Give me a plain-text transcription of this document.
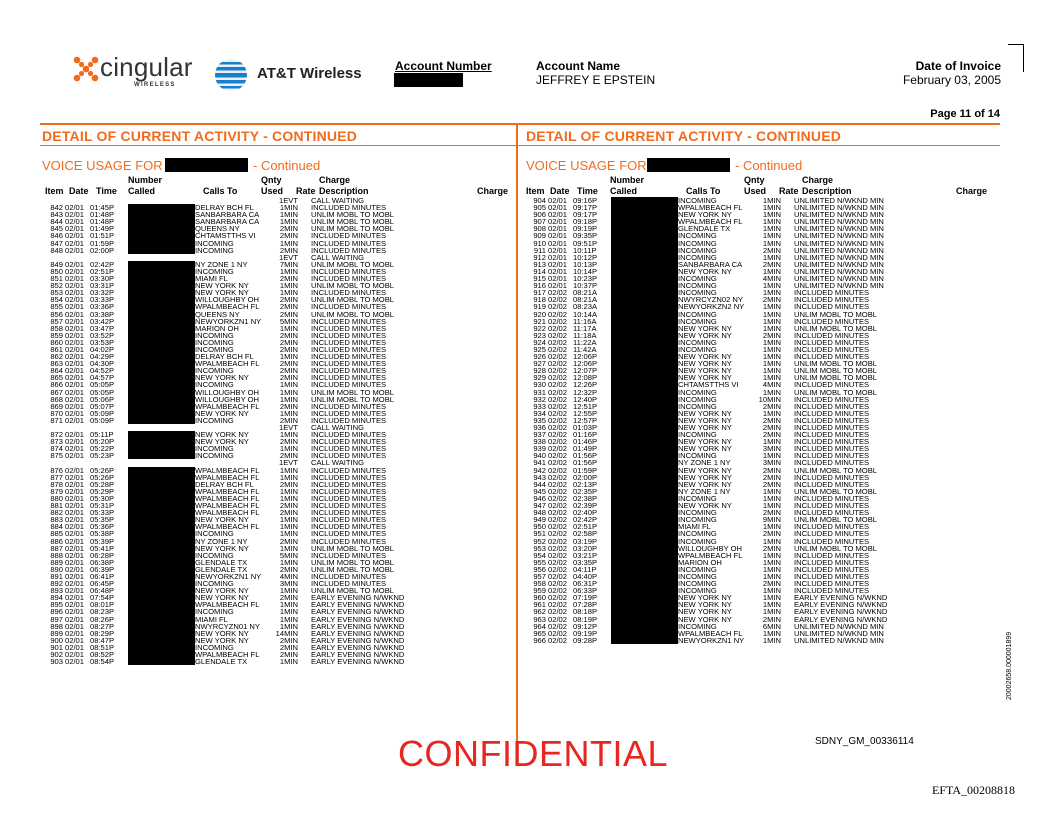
cingular
WIRELESS
AT&T Wireless	Account Number	Account Name
JEFFREY E EPSTEIN
Date of Invoice
February 03, 2005
Page 11 of 14
DETAIL OF CURRENT ACTIVITY - CONTINUED	DETAIL OF CURRENT ACTIVITY - CONTINUED
VOICE USAGE FOR	- Continued	VOICE USAGE FOR	- Continued
Number	Qnty	Charge
Item Date Time Called	Calls To	Used Rate Description	Charge
Number	Qnty	Charge
Item Date Time Called	Calls To	Used Rate Description	Charge
1EVT CALL WAITING
842 02/01 01:45P	DELRAY BCH FL	1MIN INCLUDED MINUTES
843 02/01 01:48P	SANBARBARA CA	1MIN UNLIM MOBL TO MOBL
844 02/01 01:48P	SANBARBARA CA	1MIN UNLIM MOBL TO MOBL
845 02/01 01:49P	QUEENS NY	2MIN UNLIM MOBL TO MOBL
846 02/01 01:51P	CHTAMSTTHS VI	2MIN INCLUDED MINUTES
847 02/01 01:59P	INCOMING	1MIN INCLUDED MINUTES
848 02/01 02:00P	INCOMING	2MIN INCLUDED MINUTES
1EVT CALL WAITING
849 02/01 02:42P	NY ZONE 1 NY	7MIN UNLIM MOBL TO MOBL
850 02/01 02:51P	INCOMING	1MIN INCLUDED MINUTES
851 02/01 03:30P	MIAMI FL	2MIN INCLUDED MINUTES
852 02/01 03:31P	NEW YORK NY	1MIN UNLIM MOBL TO MOBL
853 02/01 03:32P	NEW YORK NY	1MIN INCLUDED MINUTES
854 02/01 03:33P	WILLOUGHBY OH	2MIN UNLIM MOBL TO MOBL
855 02/01 03:36P	WPALMBEACH FL	2MIN INCLUDED MINUTES
856 02/01 03:38P	QUEENS NY	2MIN UNLIM MOBL TO MOBL
857 02/01 03:42P	NEWYORKZN1 NY	5MIN INCLUDED MINUTES
858 02/01 03:47P	MARION OH	1MIN INCLUDED MINUTES
859 02/01 03:52P	INCOMING	2MIN INCLUDED MINUTES
860 02/01 03:53P	INCOMING	2MIN INCLUDED MINUTES
861 02/01 04:02P	INCOMING	2MIN INCLUDED MINUTES
862 02/01 04:29P	DELRAY BCH FL	1MIN INCLUDED MINUTES
863 02/01 04:30P	WPALMBEACH FL	2MIN INCLUDED MINUTES
864 02/01 04:52P	INCOMING	2MIN INCLUDED MINUTES
865 02/01 04:57P	NEW YORK NY	2MIN INCLUDED MINUTES
866 02/01 05:05P	INCOMING	1MIN INCLUDED MINUTES
867 02/01 05:05P	WILLOUGHBY OH	1MIN UNLIM MOBL TO MOBL
868 02/01 05:06P	WILLOUGHBY OH	1MIN UNLIM MOBL TO MOBL
869 02/01 05:07P	WPALMBEACH FL	2MIN INCLUDED MINUTES
870 02/01 05:09P	NEW YORK NY	1MIN INCLUDED MINUTES
871 02/01 05:09P	INCOMING	2MIN INCLUDED MINUTES
1EVT CALL WAITING
872 02/01 05:11P	NEW YORK NY	1MIN INCLUDED MINUTES
873 02/01 05:20P	NEW YORK NY	2MIN INCLUDED MINUTES
874 02/01 05:22P	INCOMING	1MIN INCLUDED MINUTES
875 02/01 05:23P	INCOMING	2MIN INCLUDED MINUTES
1EVT CALL WAITING
876 02/01 05:26P	WPALMBEACH FL	1MIN INCLUDED MINUTES
877 02/01 05:26P	WPALMBEACH FL	1MIN INCLUDED MINUTES
878 02/01 05:28P	DELRAY BCH FL	2MIN INCLUDED MINUTES
879 02/01 05:29P	WPALMBEACH FL	1MIN INCLUDED MINUTES
880 02/01 05:30P	WPALMBEACH FL	1MIN INCLUDED MINUTES
881 02/01 05:31P	WPALMBEACH FL	2MIN INCLUDED MINUTES
882 02/01 05:33P	WPALMBEACH FL	2MIN INCLUDED MINUTES
883 02/01 05:35P	NEW YORK NY	1MIN INCLUDED MINUTES
884 02/01 05:36P	WPALMBEACH FL	1MIN INCLUDED MINUTES
885 02/01 05:38P	INCOMING	1MIN INCLUDED MINUTES
886 02/01 05:39P	NY ZONE 1 NY	2MIN INCLUDED MINUTES
887 02/01 05:41P	NEW YORK NY	1MIN UNLIM MOBL TO MOBL
888 02/01 06:28P	INCOMING	5MIN INCLUDED MINUTES
889 02/01 06:38P	GLENDALE TX	1MIN UNLIM MOBL TO MOBL
890 02/01 06:39P	GLENDALE TX	2MIN UNLIM MOBL TO MOBL
891 02/01 06:41P	NEWYORKZN1 NY	4MIN INCLUDED MINUTES
892 02/01 06:45P	INCOMING	3MIN INCLUDED MINUTES
893 02/01 06:48P	NEW YORK NY	1MIN UNLIM MOBL TO MOBL
894 02/01 07:54P	NEW YORK NY	2MIN EARLY EVENING N/WKND
895 02/01 08:01P	WPALMBEACH FL	1MIN EARLY EVENING N/WKND
896 02/01 08:23P	INCOMING	1MIN EARLY EVENING N/WKND
897 02/01 08:26P	MIAMI FL	1MIN EARLY EVENING N/WKND
898 02/01 08:27P	NWYRCYZN01 NY	1MIN EARLY EVENING N/WKND
899 02/01 08:29P	NEW YORK NY	14MIN EARLY EVENING N/WKND
900 02/01 08:47P	NEW YORK NY	2MIN EARLY EVENING N/WKND
901 02/01 08:51P	INCOMING	2MIN EARLY EVENING N/WKND
902 02/01 08:52P	WPALMBEACH FL	2MIN EARLY EVENING N/WKND
903 02/01 08:54P	GLENDALE TX	1MIN EARLY EVENING N/WKND
904 02/01 09:16P	INCOMING	1MIN UNLIMITED N/WKND MIN
905 02/01 09:17P	WPALMBEACH FL	1MIN UNLIMITED N/WKND MIN
906 02/01 09:17P	NEW YORK NY	1MIN UNLIMITED N/WKND MIN
907 02/01 09:18P	WPALMBEACH FL	1MIN UNLIMITED N/WKND MIN
908 02/01 09:19P	GLENDALE TX	1MIN UNLIMITED N/WKND MIN
909 02/01 09:35P	INCOMING	1MIN UNLIMITED N/WKND MIN
910 02/01 09:51P	INCOMING	1MIN UNLIMITED N/WKND MIN
911 02/01 10:11P	INCOMING	2MIN UNLIMITED N/WKND MIN
912 02/01 10:12P	INCOMING	1MIN UNLIMITED N/WKND MIN
913 02/01 10:13P	SANBARBARA CA	2MIN UNLIMITED N/WKND MIN
914 02/01 10:14P	NEW YORK NY	1MIN UNLIMITED N/WKND MIN
915 02/01 10:23P	INCOMING	4MIN UNLIMITED N/WKND MIN
916 02/01 10:37P	INCOMING	1MIN UNLIMITED N/WKND MIN
917 02/02 08:21A	INCOMING	1MIN INCLUDED MINUTES
918 02/02 08:21A	NWYRCYZN02 NY	2MIN INCLUDED MINUTES
919 02/02 08:23A	NEWYORKZN2 NY	1MIN INCLUDED MINUTES
920 02/02 10:14A	INCOMING	1MIN UNLIM MOBL TO MOBL
921 02/02 11:16A	INCOMING	1MIN INCLUDED MINUTES
922 02/02 11:17A	NEW YORK NY	1MIN UNLIM MOBL TO MOBL
923 02/02 11:18A	NEW YORK NY	2MIN INCLUDED MINUTES
924 02/02 11:22A	INCOMING	1MIN INCLUDED MINUTES
925 02/02 11:42A	INCOMING	1MIN INCLUDED MINUTES
926 02/02 12:06P	NEW YORK NY	1MIN INCLUDED MINUTES
927 02/02 12:06P	NEW YORK NY	1MIN UNLIM MOBL TO MOBL
928 02/02 12:07P	NEW YORK NY	1MIN UNLIM MOBL TO MOBL
929 02/02 12:08P	NEW YORK NY	1MIN UNLIM MOBL TO MOBL
930 02/02 12:26P	CHTAMSTTHS VI	4MIN INCLUDED MINUTES
931 02/02 12:32P	INCOMING	1MIN UNLIM MOBL TO MOBL
932 02/02 12:40P	INCOMING	10MIN INCLUDED MINUTES
933 02/02 12:51P	INCOMING	2MIN INCLUDED MINUTES
934 02/02 12:55P	NEW YORK NY	1MIN INCLUDED MINUTES
935 02/02 12:57P	NEW YORK NY	2MIN INCLUDED MINUTES
936 02/02 01:03P	NEW YORK NY	2MIN INCLUDED MINUTES
937 02/02 01:16P	INCOMING	2MIN INCLUDED MINUTES
938 02/02 01:46P	NEW YORK NY	1MIN INCLUDED MINUTES
939 02/02 01:49P	NEW YORK NY	3MIN INCLUDED MINUTES
940 02/02 01:56P	INCOMING	1MIN INCLUDED MINUTES
941 02/02 01:56P	NY ZONE 1 NY	3MIN INCLUDED MINUTES
942 02/02 01:59P	NEW YORK NY	2MIN UNLIM MOBL TO MOBL
943 02/02 02:00P	NEW YORK NY	2MIN INCLUDED MINUTES
944 02/02 02:13P	NEW YORK NY	2MIN INCLUDED MINUTES
945 02/02 02:35P	NY ZONE 1 NY	1MIN UNLIM MOBL TO MOBL
946 02/02 02:38P	INCOMING	1MIN INCLUDED MINUTES
947 02/02 02:39P	NEW YORK NY	1MIN INCLUDED MINUTES
948 02/02 02:40P	INCOMING	2MIN INCLUDED MINUTES
949 02/02 02:42P	INCOMING	9MIN UNLIM MOBL TO MOBL
950 02/02 02:51P	MIAMI FL	1MIN INCLUDED MINUTES
951 02/02 02:58P	INCOMING	2MIN INCLUDED MINUTES
952 02/02 03:19P	INCOMING	1MIN INCLUDED MINUTES
953 02/02 03:20P	WILLOUGHBY OH	2MIN UNLIM MOBL TO MOBL
954 02/02 03:21P	WPALMBEACH FL	1MIN INCLUDED MINUTES
955 02/02 03:35P	MARION OH	1MIN INCLUDED MINUTES
956 02/02 04:11P	INCOMING	1MIN INCLUDED MINUTES
957 02/02 04:40P	INCOMING	1MIN INCLUDED MINUTES
958 02/02 06:31P	INCOMING	2MIN INCLUDED MINUTES
959 02/02 06:33P	INCOMING	1MIN INCLUDED MINUTES
960 02/02 07:19P	NEW YORK NY	1MIN EARLY EVENING N/WKND
961 02/02 07:28P	NEW YORK NY	1MIN EARLY EVENING N/WKND
962 02/02 08:18P	NEW YORK NY	1MIN EARLY EVENING N/WKND
963 02/02 08:19P	NEW YORK NY	2MIN EARLY EVENING N/WKND
964 02/02 09:12P	INCOMING	6MIN UNLIMITED N/WKND MIN
965 02/02 09:19P	WPALMBEACH FL	1MIN UNLIMITED N/WKND MIN
966 02/02 09:28P	NEWYORKZN1 NY	1MIN UNLIMITED N/WKND MIN
CONFIDENTIAL	SDNY_GM_00336114
EFTA_00208818
20002658.000001899
